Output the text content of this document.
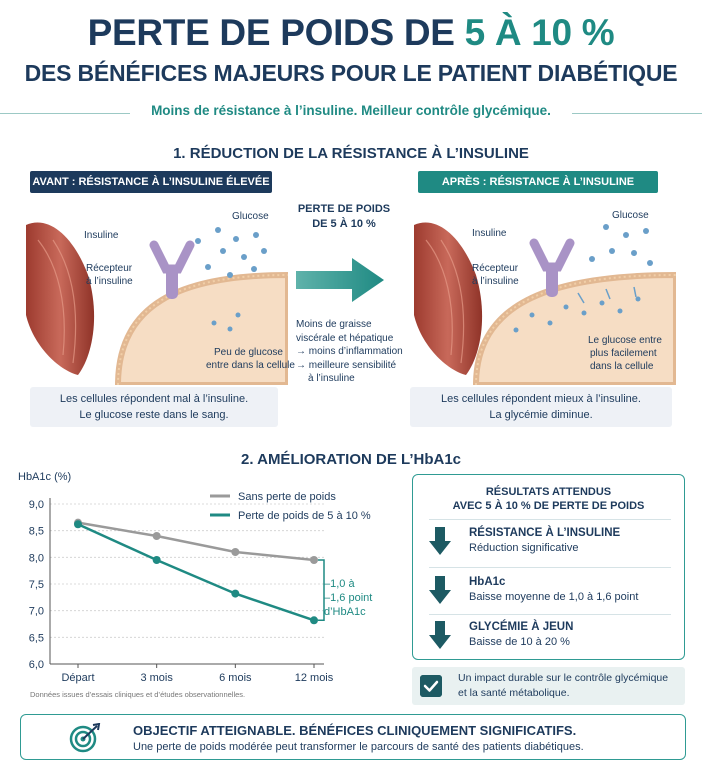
PERTE DE POIDS DE 5 À 10 %
DES BÉNÉFICES MAJEURS POUR LE PATIENT DIABÉTIQUE
Moins de résistance à l’insuline. Meilleur contrôle glycémique.
1. RÉDUCTION DE LA RÉSISTANCE À L’INSULINE
AVANT : RÉSISTANCE À L’INSULINE ÉLEVÉE	APRÈS : RÉSISTANCE À L’INSULINE RÉDUITE
Insuline
Glucose
Récepteur
à l’insuline
Peu de glucose
entre dans la cellule
Les cellules répondent mal à l’insuline.
Le glucose reste dans le sang.
PERTE DE POIDS
DE 5 À 10 %
Moins de graisse
viscérale et hépatique
→ moins d’inflammation
→ meilleure sensibilité
à l’insuline
Insuline
Glucose
Récepteur
à l’insuline
Le glucose entre
plus facilement
dans la cellule
Les cellules répondent mieux à l’insuline.
La glycémie diminue.
2. AMÉLIORATION DE L’HbA1c
HbA1c (%)
9,0
8,5
8,0
7,5
7,0
6,5
6,0
Départ	3 mois	6 mois	12 mois
Sans perte de poids
Perte de poids de 5 à 10 %
–1,0 à
–1,6 point
d’HbA1c
Données issues d’essais cliniques et d’études observationnelles.
RÉSULTATS ATTENDUS
AVEC 5 À 10 % DE PERTE DE POIDS
RÉSISTANCE À L’INSULINE
Réduction significative
HbA1c
Baisse moyenne de 1,0 à 1,6 point
GLYCÉMIE À JEUN
Baisse de 10 à 20 %
Un impact durable sur le contrôle glycémique
et la santé métabolique.
OBJECTIF ATTEIGNABLE. BÉNÉFICES CLINIQUEMENT SIGNIFICATIFS.
Une perte de poids modérée peut transformer le parcours de santé des patients diabétiques.
